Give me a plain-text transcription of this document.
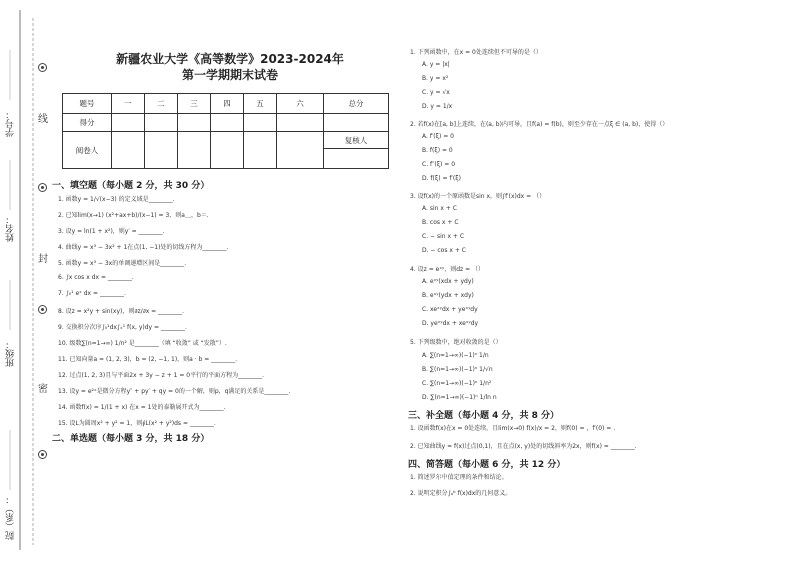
院（系）：
班级：
姓名：
学号： 线
封
密
新疆农业大学《高等数学》2023-2024年
第一学期期末试卷
题号	一	二	三	四	五	六	总分
得分							
阅卷人							复核人

一、填空题（每小题 2 分，共 30 分）
1. 函数y = 1/√(x−3) 的定义域是________.
2. 已知lim(x→1) (x²+ax+b)/(x−1) = 3，则a＿，b＝.
3. 设y = ln(1 + x²)，则y′ = ________.
4. 曲线y = x³ − 3x² + 1在点(1, −1)处的切线方程为________.
5. 函数y = x³ − 3x的单调递增区间是________.
6. ∫x cos x dx = ________.
7. ∫₀¹ eˣ dx = ________.
8. 设z = x²y + sin(xy)，则∂z/∂x = ________.
9. 交换积分次序∫₀¹dx∫ₓ¹ f(x, y)dy = ________.
10. 级数∑(n=1→∞) 1/n² 是________（填 “收敛” 或 “发散”）.
11. 已知向量a = (1, 2, 3)，b = (2, −1, 1)，则a · b = ________.
12. 过点(1, 2, 3)且与平面2x + 3y − z + 1 = 0平行的平面方程为________.
13. 设y = e²ˣ是微分方程y″ + py′ + qy = 0的一个解，则p，q满足的关系是________.
14. 函数f(x) = 1/(1 + x) 在x = 1处的泰勒展开式为________.
15. 设L为圆周x² + y² = 1，则∮L(x² + y²)ds = ________.
二、单选题（每小题 3 分，共 18 分）
1. 下列函数中，在x = 0处连续但不可导的是（）
A. y = |x|
B. y = x²
C. y = √x
D. y = 1/x
2. 若f(x)在[a, b]上连续，在(a, b)内可导，且f(a) = f(b)，则至少存在一点ξ ∈ (a, b)，使得（）
A. f′(ξ) = 0
B. f(ξ) = 0
C. f″(ξ) = 0
D. f(ξ) = f′(ξ)
3. 设f(x)的一个原函数是sin x，则∫f′(x)dx = （）
A. sin x + C
B. cos x + C
C. − sin x + C
D. − cos x + C
4. 设z = eˣʸ，则dz = （）
A. eˣʸ(xdx + ydy)
B. eˣʸ(ydx + xdy)
C. xeˣʸdx + yeˣʸdy
D. yeˣʸdx + xeˣʸdy
5. 下列级数中，绝对收敛的是（）
A. ∑(n=1→∞)(−1)ⁿ 1/n
B. ∑(n=1→∞)(−1)ⁿ 1/√n
C. ∑(n=1→∞)(−1)ⁿ 1/n²
D. ∑(n=1→∞)(−1)ⁿ 1/ln n
三、补全题（每小题 4 分，共 8 分）
1. 设函数f(x)在x = 0处连续，且lim(x→0) f(x)/x = 2，则f(0) = ，f′(0) = .
2. 已知曲线y = f(x)过点(0,1)，且在点(x, y)处的切线斜率为2x，则f(x) = ________.
四、简答题（每小题 6 分，共 12 分）
1. 简述罗尔中值定理的条件和结论。
2. 说明定积分∫ₐᵇ f(x)dx的几何意义。
